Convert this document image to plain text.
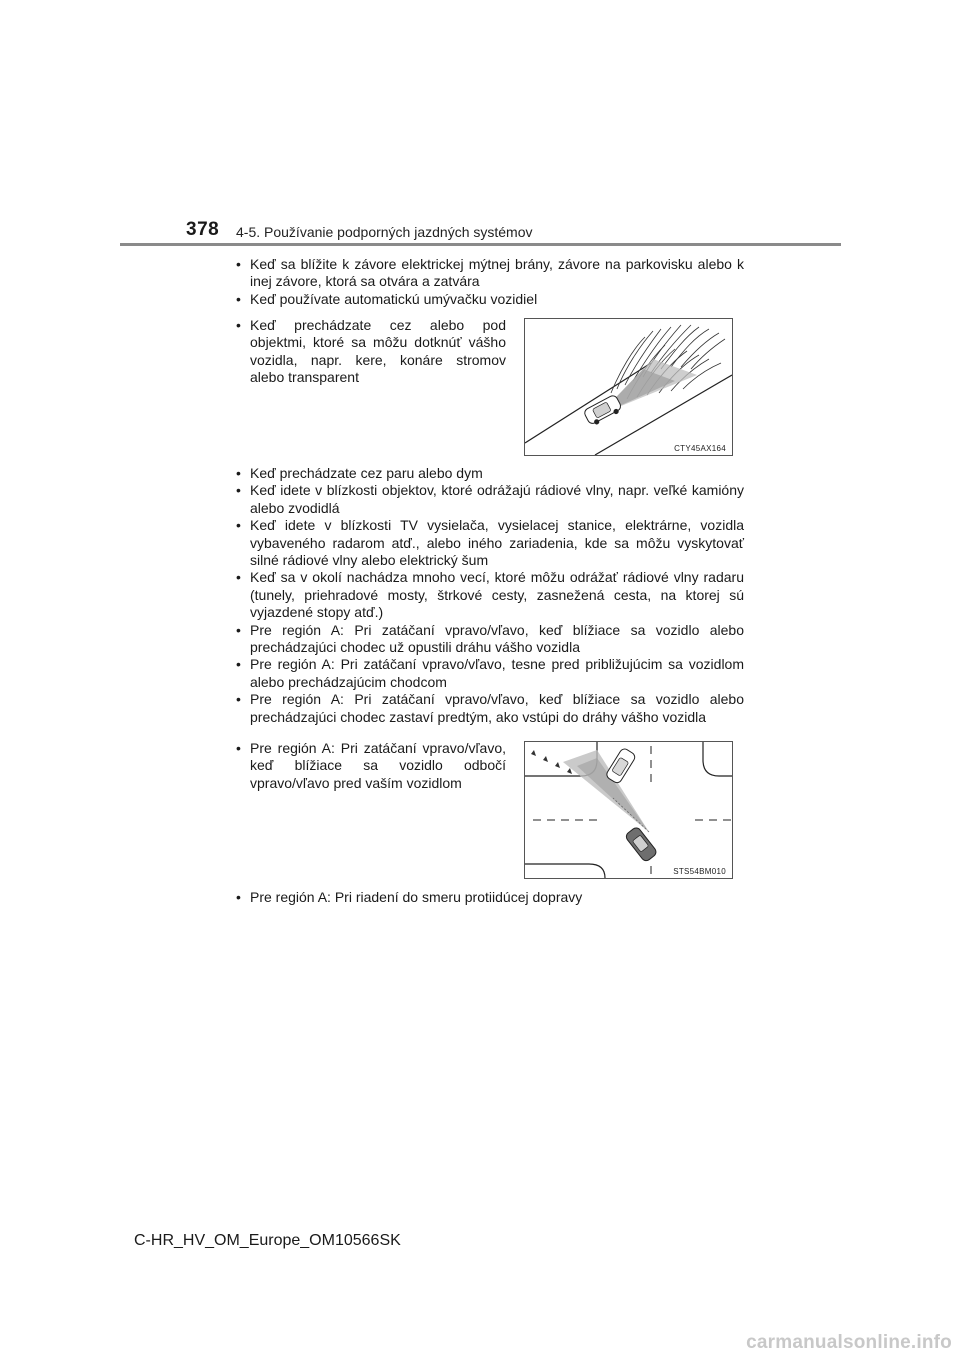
378 4-5. Používanie podporných jazdných systémov
• Keď sa blížite k závore elektrickej mýtnej brány, závore na parkovisku alebo k inej závore, ktorá sa otvára a zatvára
• Keď používate automatickú umývačku vozidiel
• Keď prechádzate cez alebo pod objektmi, ktoré sa môžu dotknúť vášho vozidla, napr. kere, konáre stromov alebo transparent
CTY45AX164
• Keď prechádzate cez paru alebo dym
• Keď idete v blízkosti objektov, ktoré odrážajú rádiové vlny, napr. veľké kamióny alebo zvodidlá
• Keď idete v blízkosti TV vysielača, vysielacej stanice, elektrárne, vozidla vybaveného radarom atď., alebo iného zariadenia, kde sa môžu vyskytovať silné rádiové vlny alebo elektrický šum
• Keď sa v okolí nachádza mnoho vecí, ktoré môžu odrážať rádiové vlny radaru (tunely, priehradové mosty, štrkové cesty, zasnežená cesta, na ktorej sú vyjazdené stopy atď.)
• Pre región A: Pri zatáčaní vpravo/vľavo, keď blížiace sa vozidlo alebo prechádzajúci chodec už opustili dráhu vášho vozidla
• Pre región A: Pri zatáčaní vpravo/vľavo, tesne pred približujúcim sa vozidlom alebo prechádzajúcim chodcom
• Pre región A: Pri zatáčaní vpravo/vľavo, keď blížiace sa vozidlo alebo prechádzajúci chodec zastaví predtým, ako vstúpi do dráhy vášho vozidla
• Pre región A: Pri zatáčaní vpravo/vľavo, keď blížiace sa vozidlo odbočí vpravo/vľavo pred vaším vozidlom
STS54BM010
• Pre región A: Pri riadení do smeru protiidúcej dopravy
C-HR_HV_OM_Europe_OM10566SK
carmanualsonline.info
